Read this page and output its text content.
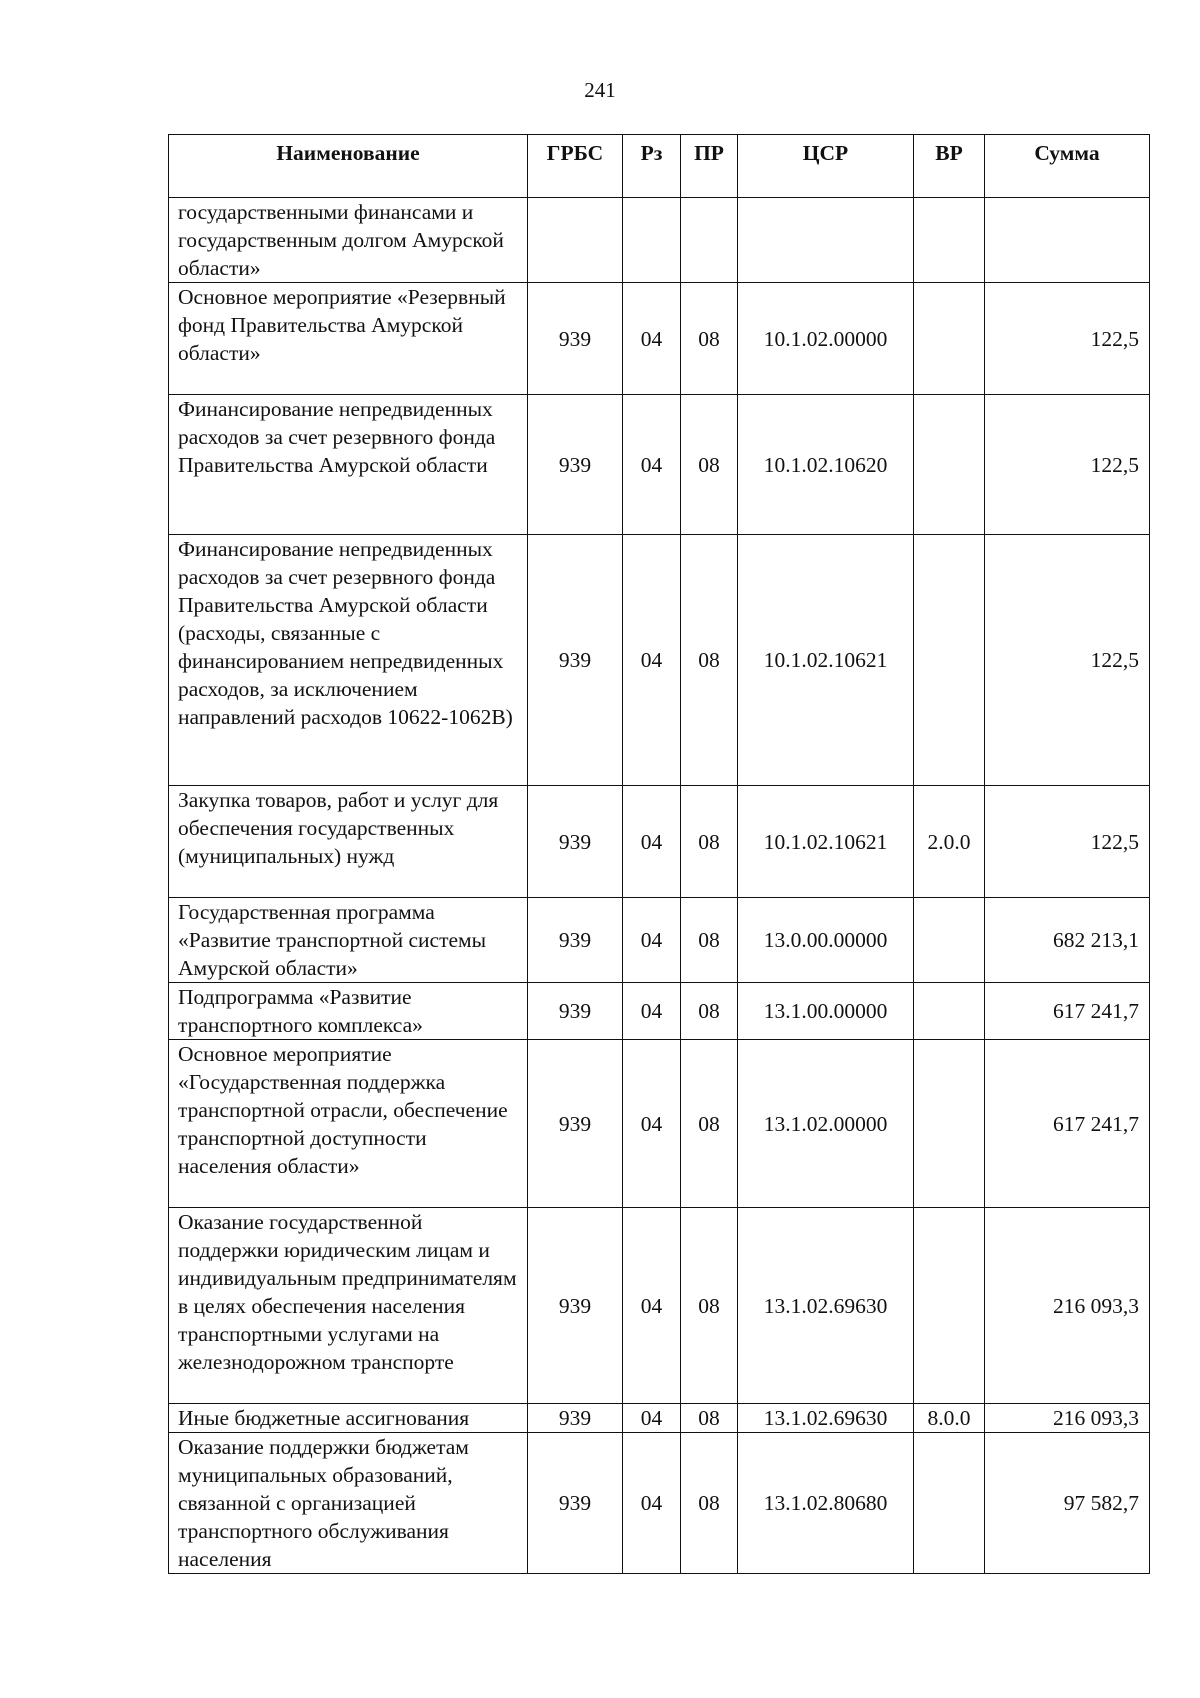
241
Наименование	ГРБС	Рз	ПР	ЦСР	ВР	Сумма
государственными финансами и государственным долгом Амурской области»						
Основное мероприятие «Резервный фонд Правительства Амурской области»	939	04	08	10.1.02.00000		122,5
Финансирование непредвиденных расходов за счет резервного фонда Правительства Амурской области	939	04	08	10.1.02.10620		122,5
Финансирование непредвиденных расходов за счет резервного фонда Правительства Амурской области (расходы, связанные с финансированием непредвиденных расходов, за исключением направлений расходов 10622-1062В)	939	04	08	10.1.02.10621		122,5
Закупка товаров, работ и услуг для обеспечения государственных (муниципальных) нужд	939	04	08	10.1.02.10621	2.0.0	122,5
Государственная программа «Развитие транспортной системы Амурской области»	939	04	08	13.0.00.00000		682 213,1
Подпрограмма «Развитие транспортного комплекса»	939	04	08	13.1.00.00000		617 241,7
Основное мероприятие «Государственная поддержка транспортной отрасли, обеспечение транспортной доступности населения области»	939	04	08	13.1.02.00000		617 241,7
Оказание государственной поддержки юридическим лицам и индивидуальным предпринимателям в целях обеспечения населения транспортными услугами на железнодорожном транспорте	939	04	08	13.1.02.69630		216 093,3
Иные бюджетные ассигнования	939	04	08	13.1.02.69630	8.0.0	216 093,3
Оказание поддержки бюджетам муниципальных образований, связанной с организацией транспортного обслуживания населения	939	04	08	13.1.02.80680		97 582,7
